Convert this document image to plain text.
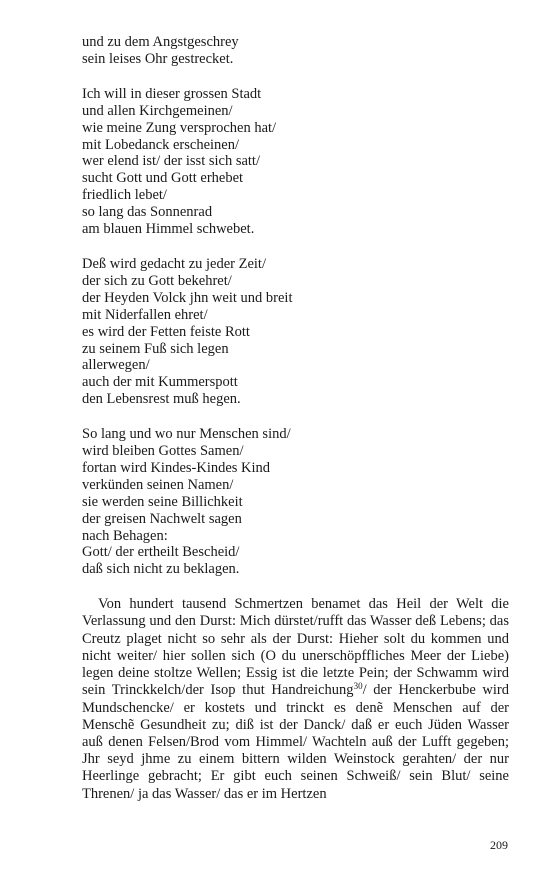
und zu dem Angstgeschrey
sein leises Ohr gestrecket.
Ich will in dieser grossen Stadt
und allen Kirchgemeinen/
wie meine Zung versprochen hat/
mit Lobedanck erscheinen/
wer elend ist/ der isst sich satt/
sucht Gott und Gott erhebet
friedlich lebet/
so lang das Sonnenrad
am blauen Himmel schwebet.
Deß wird gedacht zu jeder Zeit/
der sich zu Gott bekehret/
der Heyden Volck jhn weit und breit
mit Niderfallen ehret/
es wird der Fetten feiste Rott
zu seinem Fuß sich legen
allerwegen/
auch der mit Kummerspott
den Lebensrest muß hegen.
So lang und wo nur Menschen sind/
wird bleiben Gottes Samen/
fortan wird Kindes-Kindes Kind
verkünden seinen Namen/
sie werden seine Billichkeit
der greisen Nachwelt sagen
nach Behagen:
Gott/ der ertheilt Bescheid/
daß sich nicht zu beklagen.

Von hundert tausend Schmertzen benamet das Heil der Welt die Verlassung und den Durst: Mich dürstet/rufft das Wasser deß Lebens; das Creutz plaget nicht so sehr als der Durst: Hieher solt du kommen und nicht weiter/ hier sollen sich (O du unerschöpffliches Meer der Liebe) legen deine stoltze Wellen; Essig ist die letzte Pein; der Schwamm wird sein Trinckkelch/der Isop thut Handreichung$^{30}$/ der Henckerbube wird Mundschencke/ er kostets und trinckt es denẽ Menschen auf der Menschẽ Gesundheit zu; diß ist der Danck/ daß er euch Jüden Wasser auß denen Felsen/Brod vom Himmel/ Wachteln auß der Lufft gegeben; Jhr seyd jhme zu einem bittern wilden Weinstock gerahten/ der nur Heerlinge gebracht; Er gibt euch seinen Schweiß/ sein Blut/ seine Threnen/ ja das Wasser/ das er im Hertzen

209
